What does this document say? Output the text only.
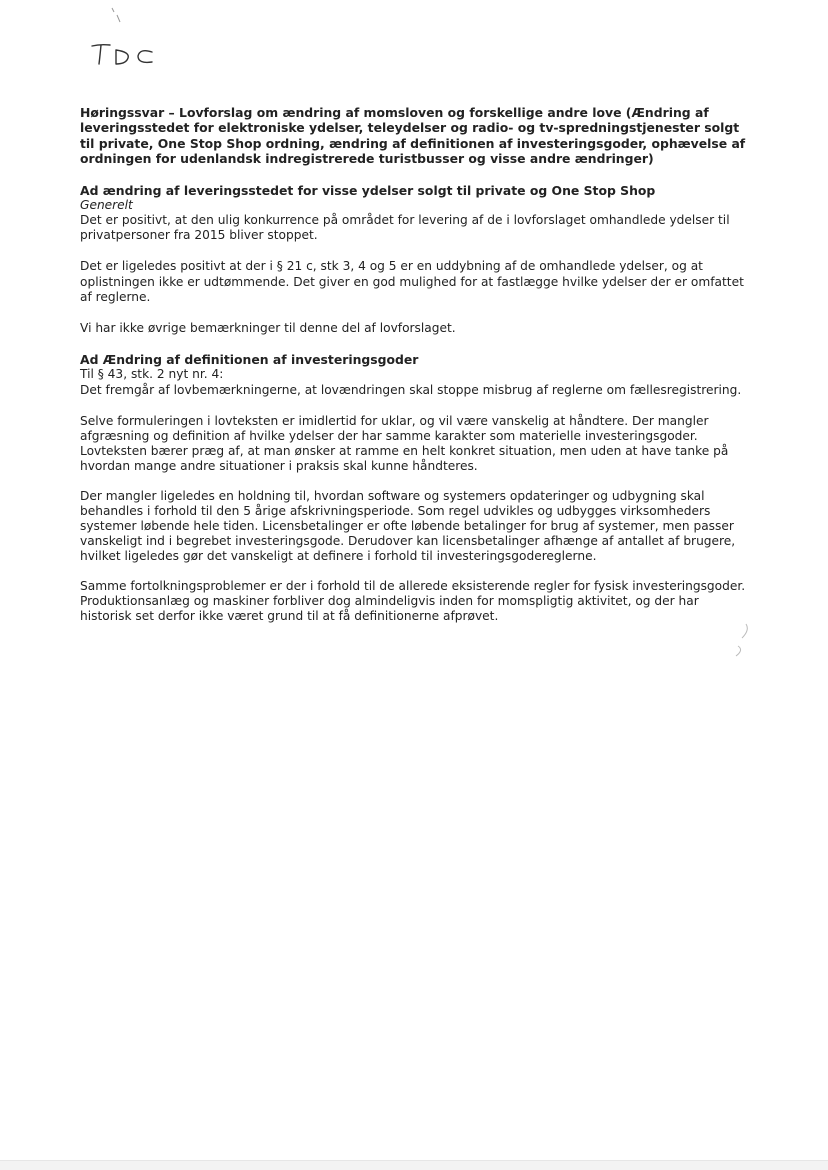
Høringssvar – Lovforslag om ændring af momsloven og forskellige andre love (Ændring af leveringsstedet for elektroniske ydelser, teleydelser og radio- og tv-spredningstjenester solgt til private, One Stop Shop ordning, ændring af definitionen af investeringsgoder, ophævelse af ordningen for udenlandsk indregistrerede turistbusser og visse andre ændringer)

Ad ændring af leveringsstedet for visse ydelser solgt til private og One Stop Shop

Generelt

Det er positivt, at den ulig konkurrence på området for levering af de i lovforslaget omhandlede ydelser til privatpersoner fra 2015 bliver stoppet.

Det er ligeledes positivt at der i § 21 c, stk 3, 4 og 5 er en uddybning af de omhandlede ydelser, og at oplistningen ikke er udtømmende. Det giver en god mulighed for at fastlægge hvilke ydelser der er omfattet af reglerne.

Vi har ikke øvrige bemærkninger til denne del af lovforslaget.

Ad Ændring af definitionen af investeringsgoder

Til § 43, stk. 2 nyt nr. 4:

Det fremgår af lovbemærkningerne, at lovændringen skal stoppe misbrug af reglerne om fællesregistrering.

Selve formuleringen i lovteksten er imidlertid for uklar, og vil være vanskelig at håndtere. Der mangler afgræsning og definition af hvilke ydelser der har samme karakter som materielle investeringsgoder. Lovteksten bærer præg af, at man ønsker at ramme en helt konkret situation, men uden at have tanke på hvordan mange andre situationer i praksis skal kunne håndteres.

Der mangler ligeledes en holdning til, hvordan software og systemers opdateringer og udbygning skal behandles i forhold til den 5 årige afskrivningsperiode. Som regel udvikles og udbygges virksomheders systemer løbende hele tiden. Licensbetalinger er ofte løbende betalinger for brug af systemer, men passer vanskeligt ind i begrebet investeringsgode. Derudover kan licensbetalinger afhænge af antallet af brugere, hvilket ligeledes gør det vanskeligt at definere i forhold til investeringsgodereglerne.

Samme fortolkningsproblemer er der i forhold til de allerede eksisterende regler for fysisk investeringsgoder. Produktionsanlæg og maskiner forbliver dog almindeligvis inden for momspligtig aktivitet, og der har historisk set derfor ikke været grund til at få definitionerne afprøvet.
